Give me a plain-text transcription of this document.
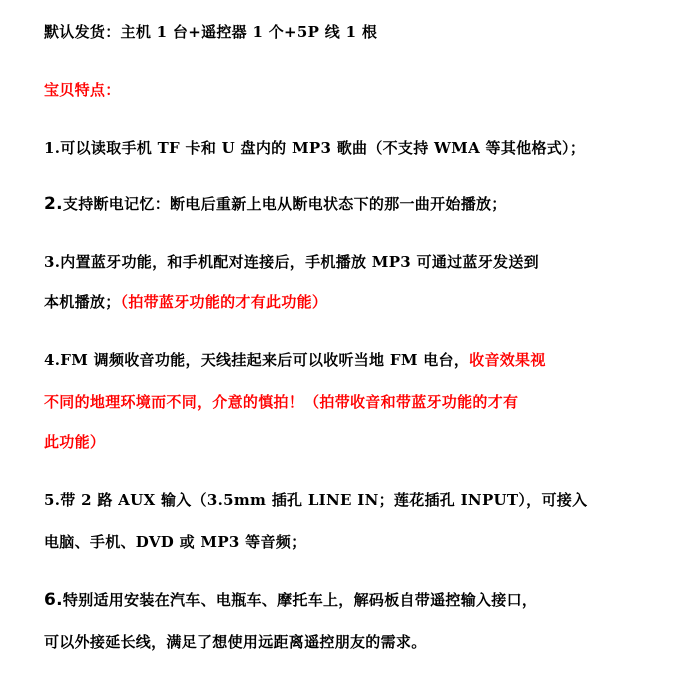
默认发货：主机 1 台+遥控器 1 个+5P 线 1 根
宝贝特点：
1.可以读取手机 TF 卡和 U 盘内的 MP3 歌曲（不支持 WMA 等其他格式）；
2.支持断电记忆：断电后重新上电从断电状态下的那一曲开始播放；
3.内置蓝牙功能，和手机配对连接后，手机播放 MP3 可通过蓝牙发送到
本机播放；（拍带蓝牙功能的才有此功能）
4.FM 调频收音功能，天线挂起来后可以收听当地 FM 电台，收音效果视
不同的地理环境而不同，介意的慎拍！（拍带收音和带蓝牙功能的才有
此功能）
5.带 2 路 AUX 输入（3.5mm 插孔 LINE IN；莲花插孔 INPUT），可接入
电脑、手机、DVD 或 MP3 等音频；
6.特别适用安装在汽车、电瓶车、摩托车上，解码板自带遥控输入接口，
可以外接延长线，满足了想使用远距离遥控朋友的需求。
